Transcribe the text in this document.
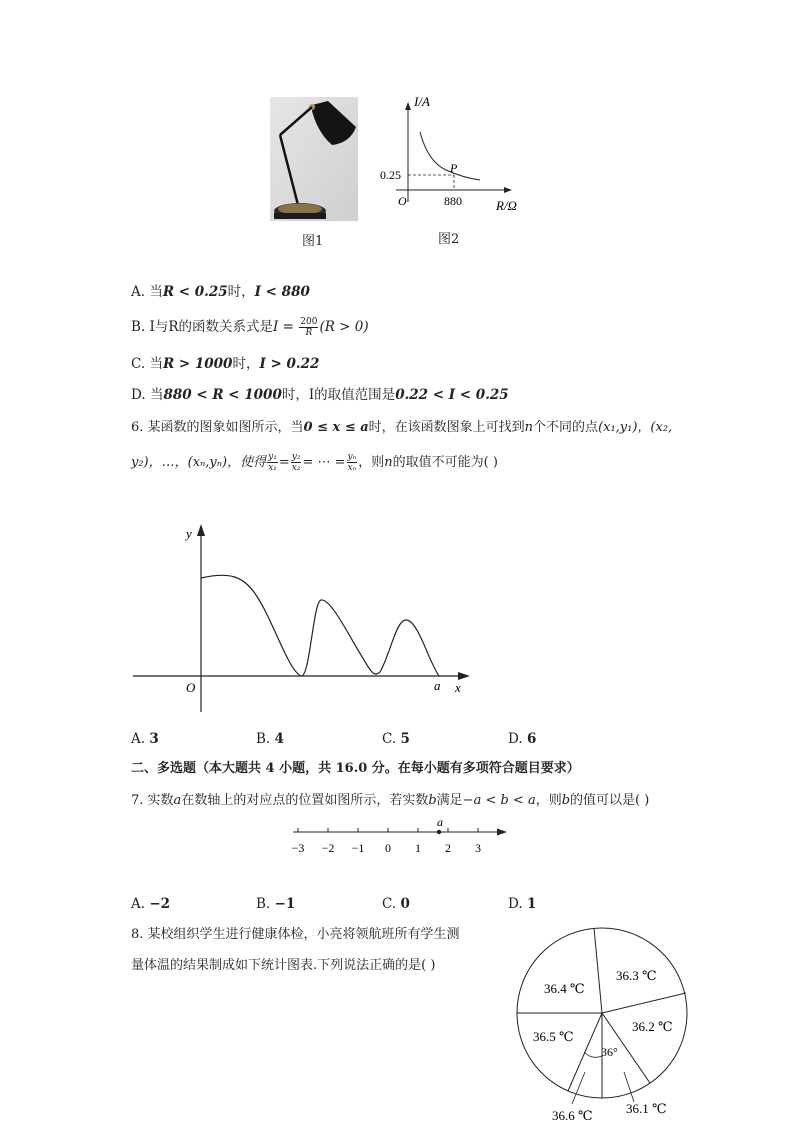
图1
I/A
R/Ω
O
P
0.25
880
图2
A. 当R < 0.25时，I < 880
B. I与R的函数关系式是$I = \frac{200}{R} (R > 0)$
C. 当R > 1000时，I > 0.22
D. 当880 < R < 1000时，I的取值范围是0.22 < I < 0.25
6. 某函数的图象如图所示，当0 ≤ x ≤ a时，在该函数图象上可找到n个不同的点(x₁,y₁)，(x₂,
y₂)，…，(xₙ,yₙ)，使得 $\frac{\text{y₁}}{\text{x₁}} = \frac{\text{y₂}}{\text{x₂}}$ = ⋯ = $\frac{\text{yₙ}}{\text{xₙ}}$ ，则n的取值不可能为( )
y
x
O	a
A. 3	B. 4	C. 5	D. 6
二、多选题（本大题共 4 小题，共 16.0 分。在每小题有多项符合题目要求）
7. 实数a在数轴上的对应点的位置如图所示，若实数b满足−a < b < a，则b的值可以是( )
−3 −2 −1 0 1 2 3
a
A. −2	B. −1	C. 0	D. 1
8. 某校组织学生进行健康体检，小亮将领航班所有学生测
量体温的结果制成如下统计图表.下列说法正确的是( )
36.3 ℃
36.2 ℃
36.1 ℃
36.6 ℃
36.5 ℃
36.4 ℃
36°
